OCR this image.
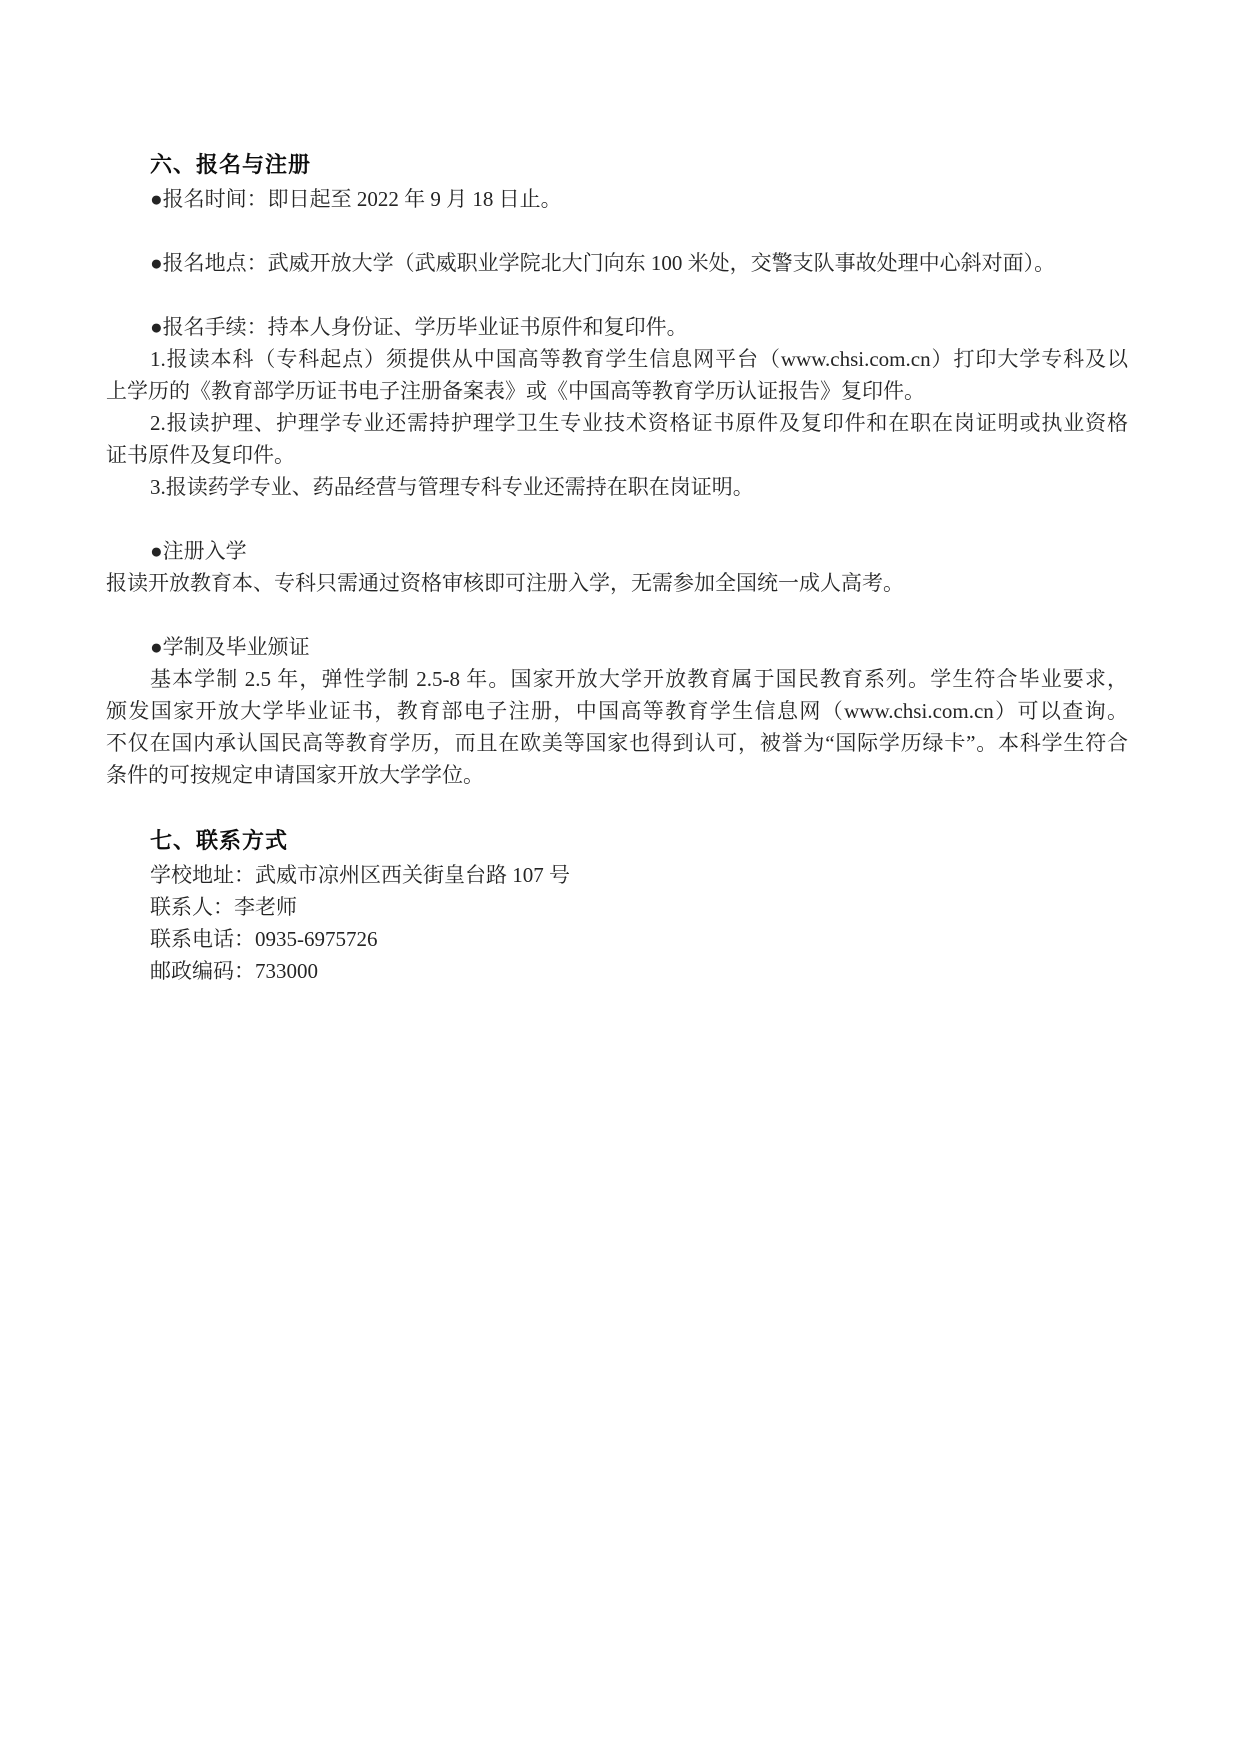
六、报名与注册
●报名时间：即日起至 2022 年 9 月 18 日止。
●报名地点：武威开放大学（武威职业学院北大门向东 100 米处，交警支队事故处理中心斜对面）。
●报名手续：持本人身份证、学历毕业证书原件和复印件。
1.报读本科（专科起点）须提供从中国高等教育学生信息网平台（www.chsi.com.cn）打印大学专科及以
上学历的《教育部学历证书电子注册备案表》或《中国高等教育学历认证报告》复印件。
2.报读护理、护理学专业还需持护理学卫生专业技术资格证书原件及复印件和在职在岗证明或执业资格
证书原件及复印件。
3.报读药学专业、药品经营与管理专科专业还需持在职在岗证明。
●注册入学
报读开放教育本、专科只需通过资格审核即可注册入学，无需参加全国统一成人高考。
●学制及毕业颁证
基本学制 2.5 年，弹性学制 2.5-8 年。国家开放大学开放教育属于国民教育系列。学生符合毕业要求，
颁发国家开放大学毕业证书，教育部电子注册，中国高等教育学生信息网（www.chsi.com.cn）可以查询。
不仅在国内承认国民高等教育学历，而且在欧美等国家也得到认可，被誉为“国际学历绿卡”。本科学生符合
条件的可按规定申请国家开放大学学位。
七、联系方式
学校地址：武威市凉州区西关街皇台路 107 号
联系人：李老师
联系电话：0935-6975726
邮政编码：733000
